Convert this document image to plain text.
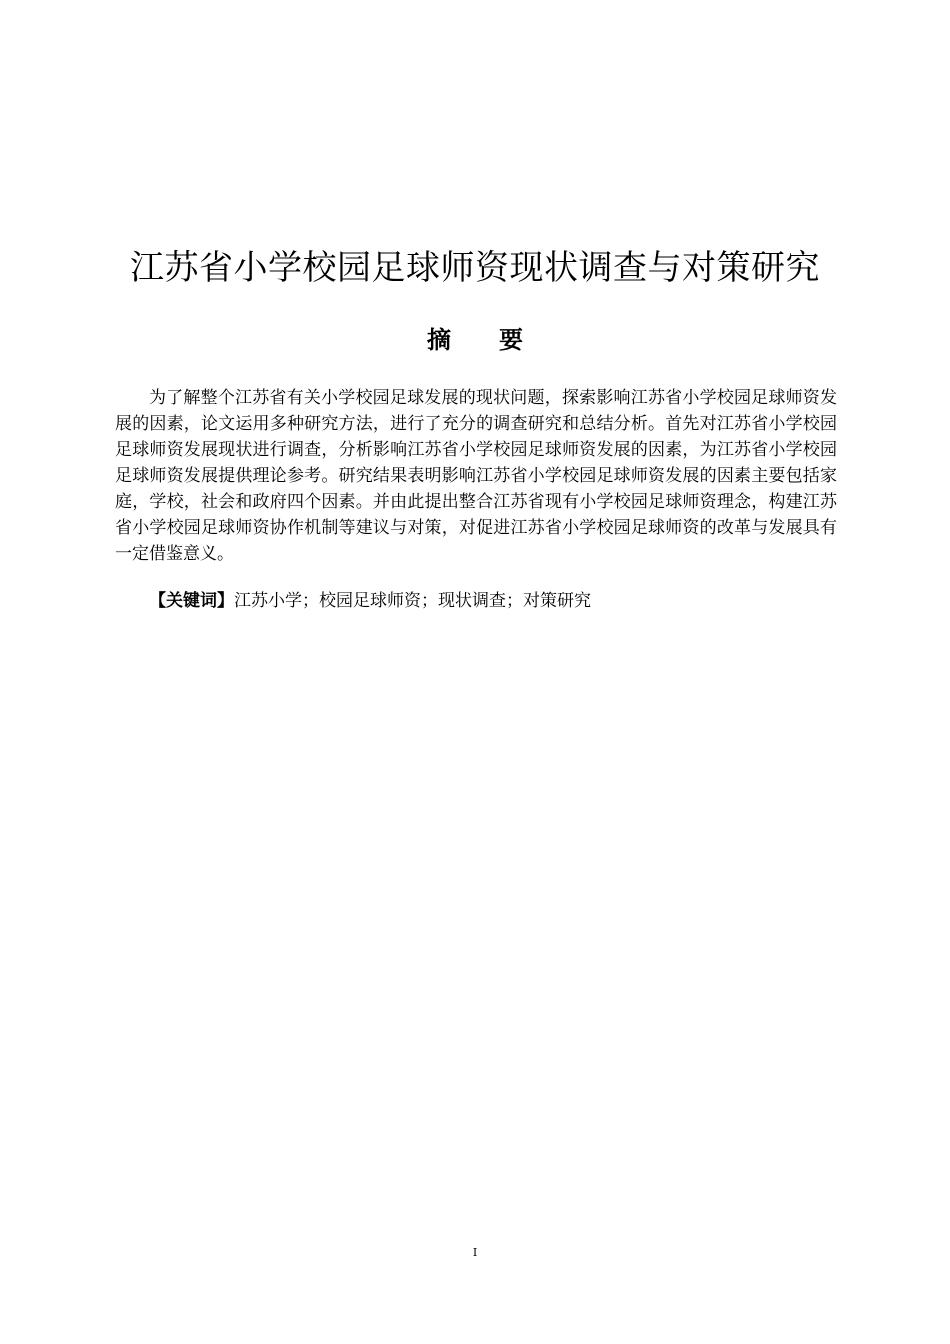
江苏省小学校园足球师资现状调查与对策研究
摘　　要

为了解整个江苏省有关小学校园足球发展的现状问题，探索影响江苏省小学校园足球师资发展的因素，论文运用多种研究方法，进行了充分的调查研究和总结分析。首先对江苏省小学校园足球师资发展现状进行调查，分析影响江苏省小学校园足球师资发展的因素，为江苏省小学校园足球师资发展提供理论参考。研究结果表明影响江苏省小学校园足球师资发展的因素主要包括家庭，学校，社会和政府四个因素。并由此提出整合江苏省现有小学校园足球师资理念，构建江苏省小学校园足球师资协作机制等建议与对策，对促进江苏省小学校园足球师资的改革与发展具有一定借鉴意义。

【关键词】江苏小学；校园足球师资；现状调查；对策研究

I
